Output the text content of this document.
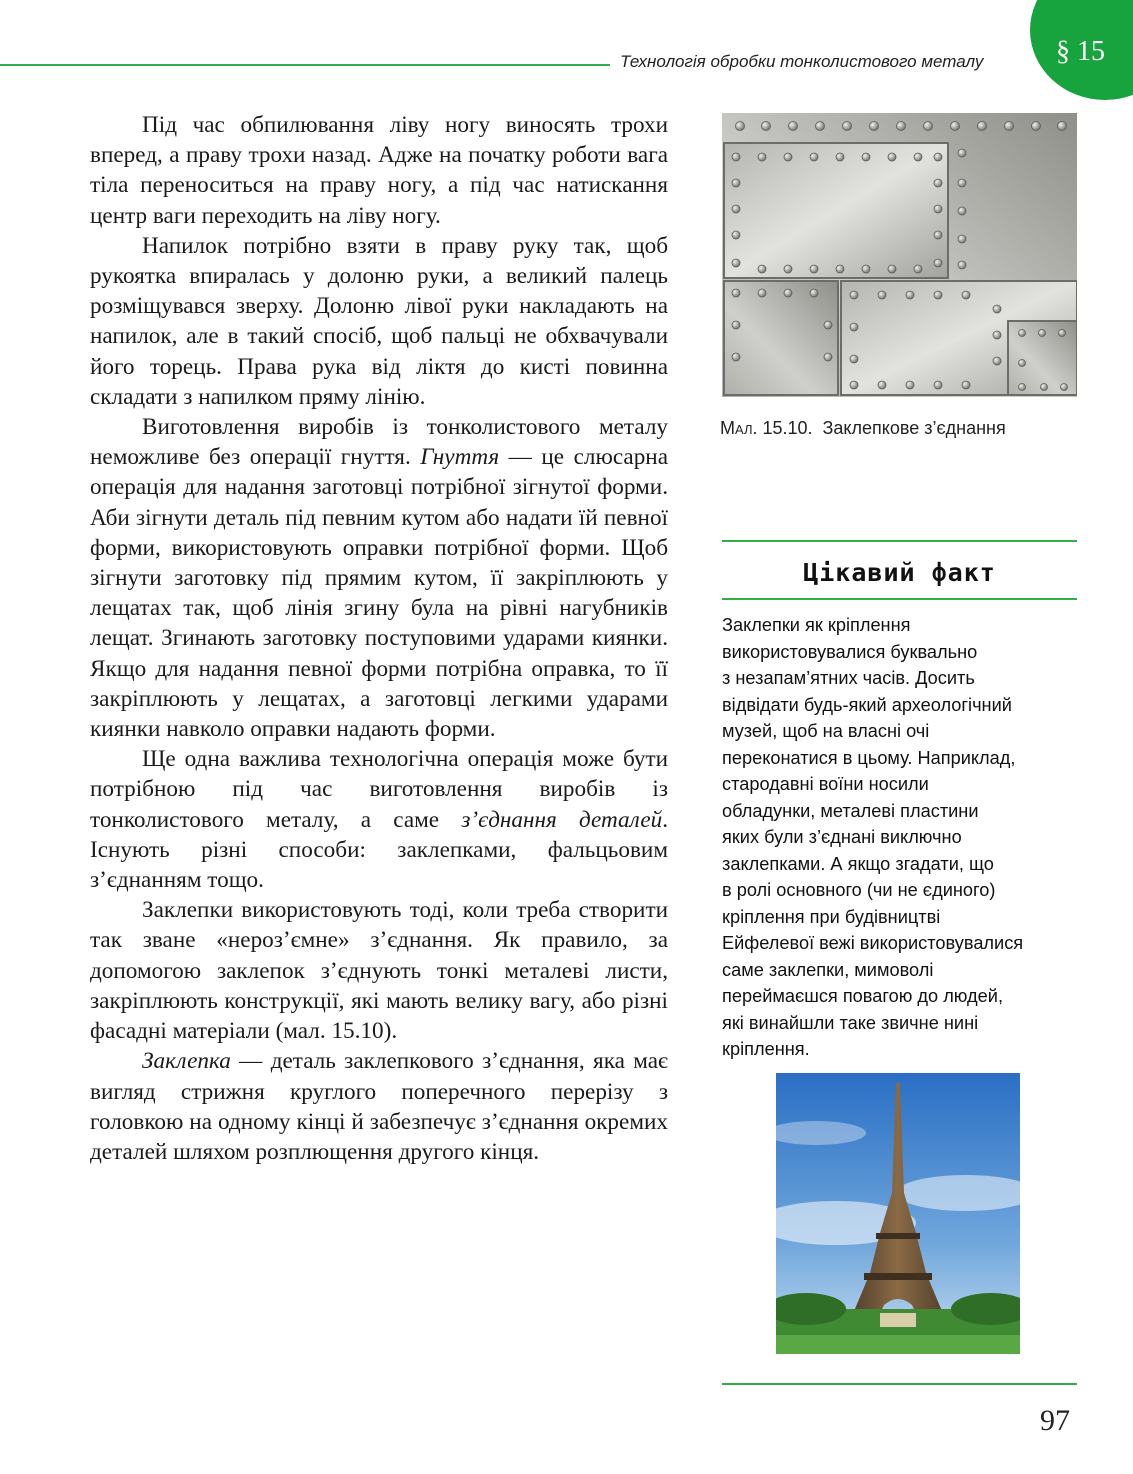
Технологія обробки тонколистового металу	§ 15

Під час обпилювання ліву ногу виносять трохи вперед, а праву трохи назад. Адже на початку роботи вага тіла переноситься на праву ногу, а під час натискання центр ваги переходить на ліву ногу.

Напилок потрібно взяти в праву руку так, щоб рукоятка впиралась у долоню руки, а великий палець розміщувався зверху. Долоню лівої руки накладають на напилок, але в такий спосіб, щоб пальці не обхвачували його торець. Права рука від ліктя до кисті повинна складати з напилком пряму лінію.

Виготовлення виробів із тонколистового металу неможливе без операції гнуття. Гнуття — це слюсарна операція для надання заготовці потрібної зігнутої форми. Аби зігнути деталь під певним кутом або надати їй певної форми, використовують оправки потрібної форми. Щоб зігнути заготовку під прямим кутом, її закріплюють у лещатах так, щоб лінія згину була на рівні нагубників лещат. Згинають заготовку поступовими ударами киянки. Якщо для надання певної форми потрібна оправка, то її закріплюють у лещатах, а заготовці легкими ударами киянки навколо оправки надають форми.

Ще одна важлива технологічна операція може бути потрібною під час виготовлення виробів із тонколистового металу, а саме з’єднання деталей. Існують різні способи: заклепками, фальцьовим з’єднанням тощо.

Заклепки використовують тоді, коли треба створити так зване «нероз’ємне» з’єднання. Як правило, за допомогою заклепок з’єднують тонкі металеві листи, закріплюють конструкції, які мають велику вагу, або різні фасадні матеріали (мал. 15.10).

Заклепка — деталь заклепкового з’єднання, яка має вигляд стрижня круглого поперечного перерізу з головкою на одному кінці й забезпечує з’єднання окремих деталей шляхом розплющення другого кінця.

Мал. 15.10. Заклепкове з’єднання
Цікавий факт
Заклепки як кріплення
використовувалися буквально
з незапам’ятних часів. Досить
відвідати будь-який археологічний
музей, щоб на власні очі
переконатися в цьому. Наприклад,
стародавні воїни носили
обладунки, металеві пластини
яких були з’єднані виключно
заклепками. А якщо згадати, що
в ролі основного (чи не єдиного)
кріплення при будівництві
Ейфелевої вежі використовувалися
саме заклепки, мимоволі
переймаєшся повагою до людей,
які винайшли таке звичне нині
кріплення.
97
